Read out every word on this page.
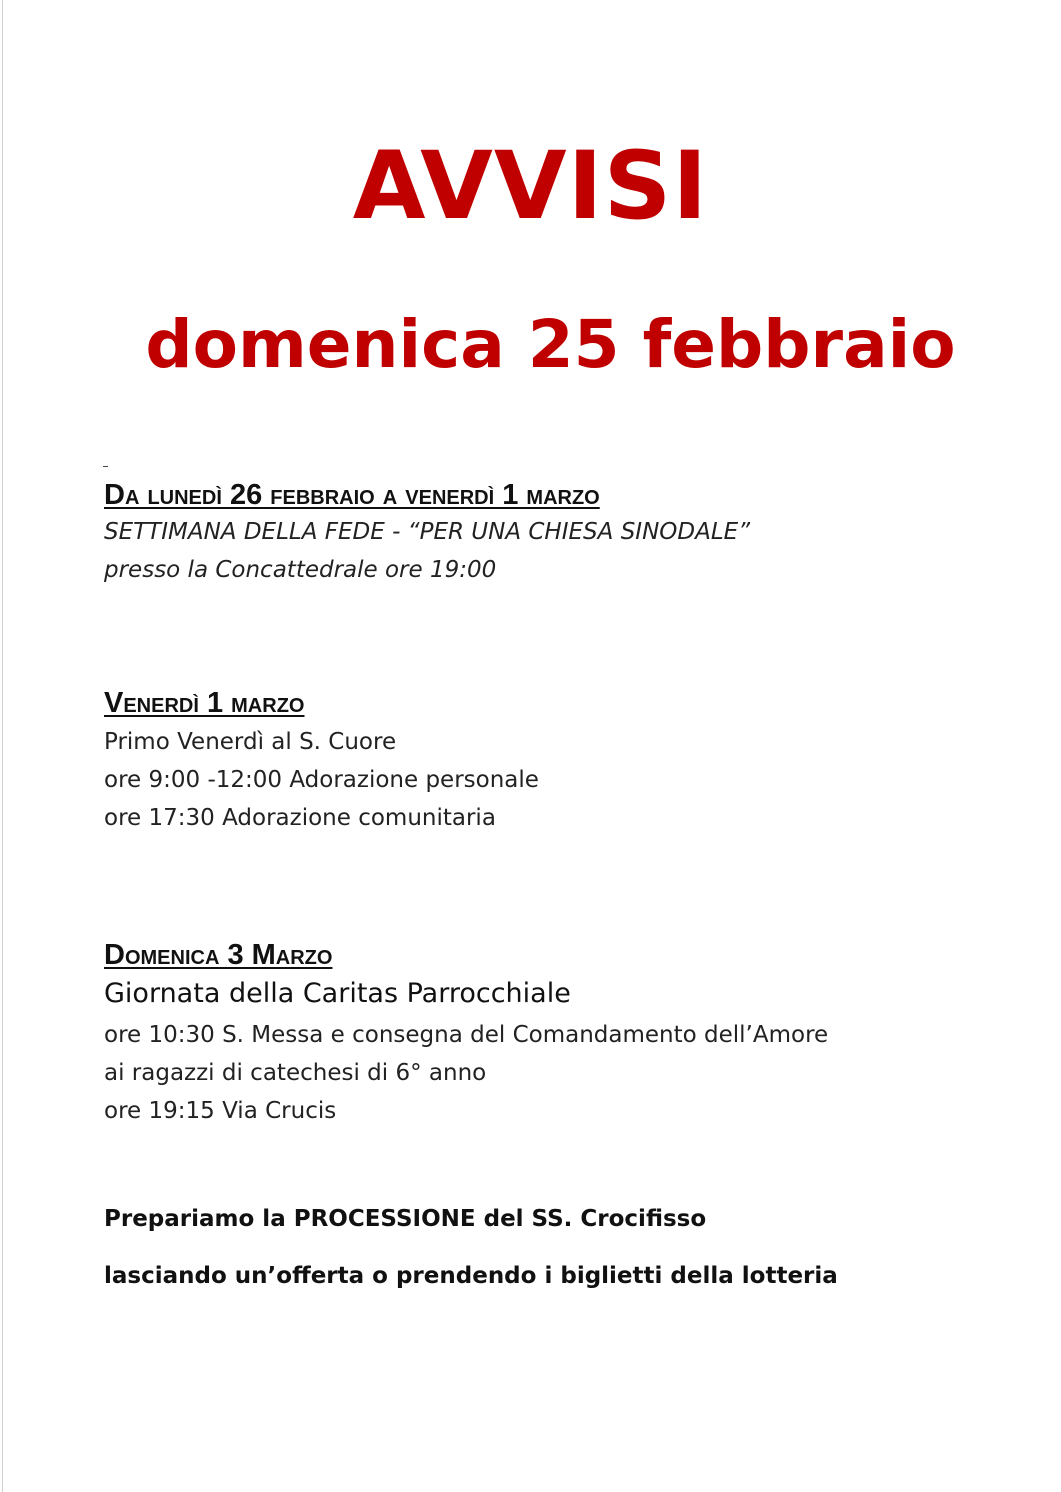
AVVISI
domenica 25 febbraio

Da lunedì 26 febbraio a venerdì 1 marzo

SETTIMANA DELLA FEDE - “PER UNA CHIESA SINODALE”

presso la Concattedrale ore 19:00

Venerdì 1 marzo

Primo Venerdì al S. Cuore

ore 9:00 -12:00 Adorazione personale

ore 17:30 Adorazione comunitaria

Domenica 3 Marzo

Giornata della Caritas Parrocchiale

ore 10:30 S. Messa e consegna del Comandamento dell’Amore

ai ragazzi di catechesi di 6° anno

ore 19:15 Via Crucis

Prepariamo la PROCESSIONE del SS. Crocifisso

lasciando un’offerta o prendendo i biglietti della lotteria
